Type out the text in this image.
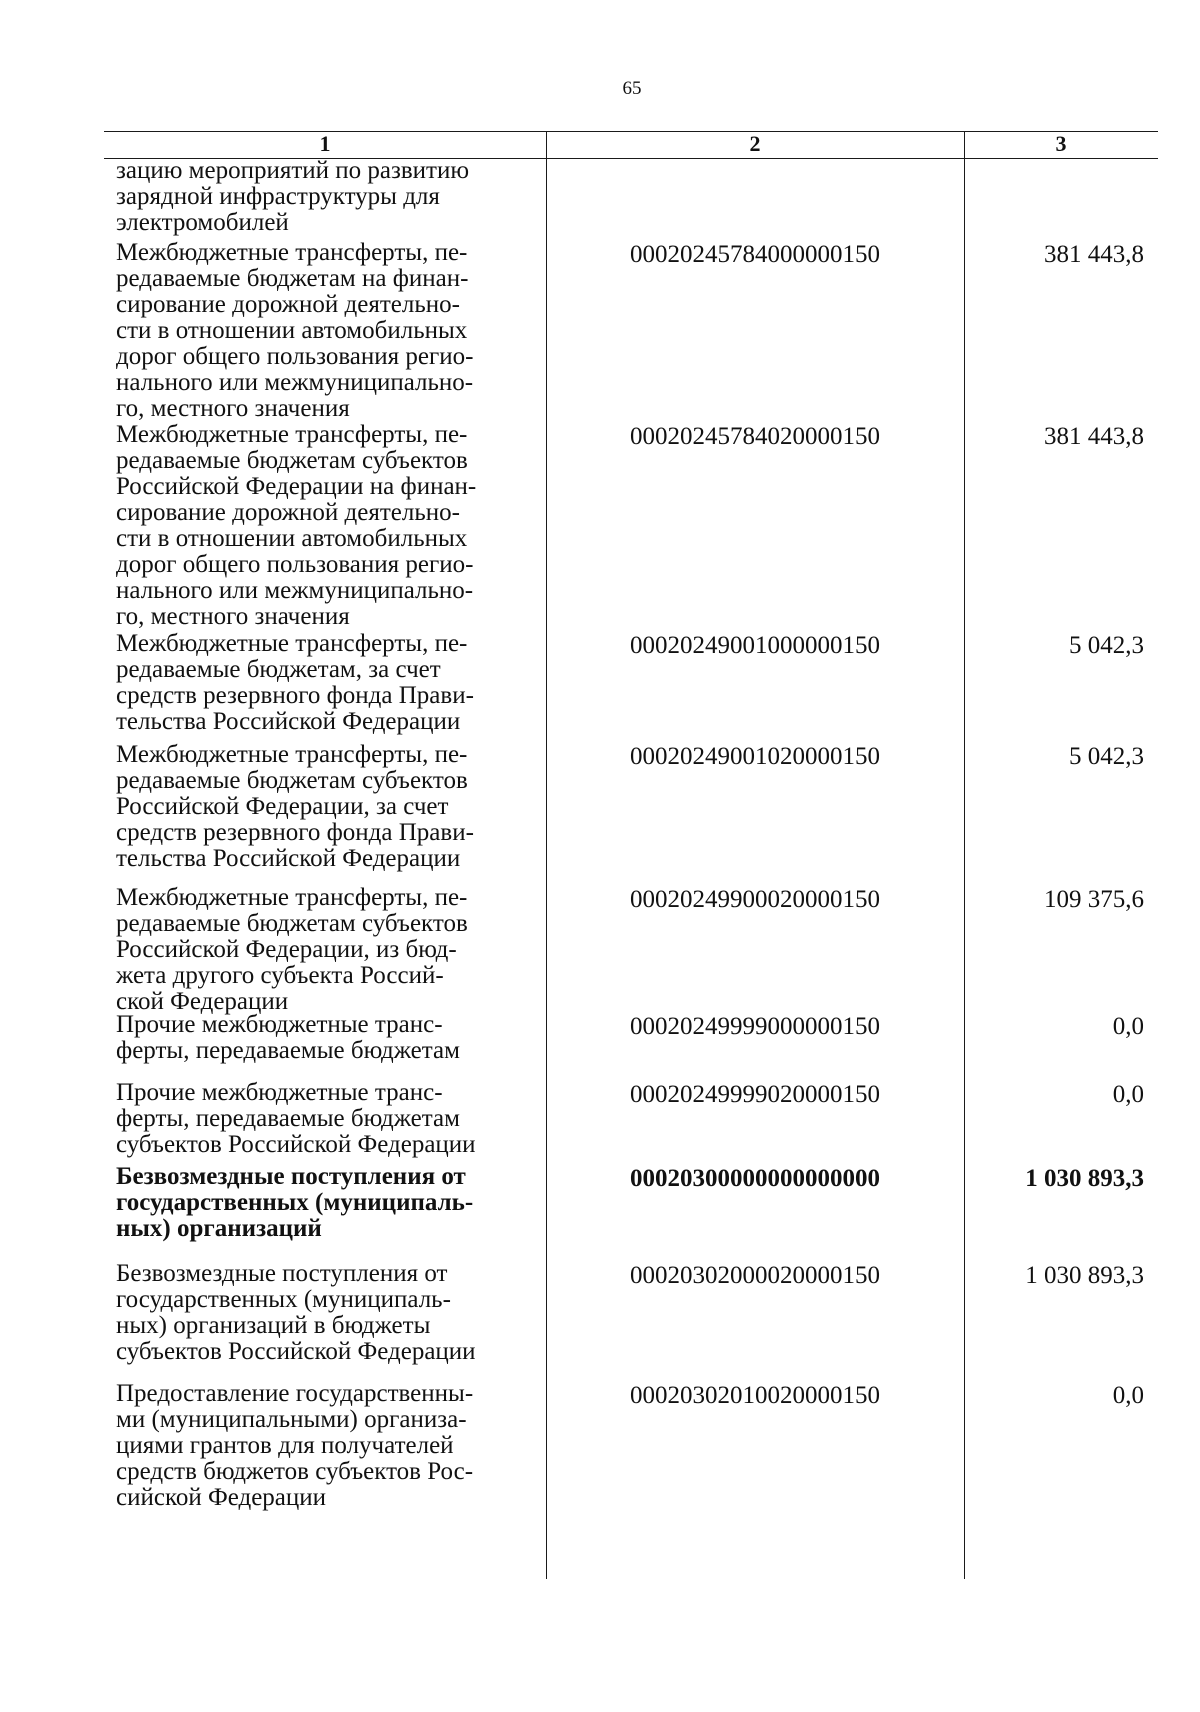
65
1	2	3
зацию мероприятий по развитию
зарядной инфраструктуры для
электромобилей
Межбюджетные трансферты, пе-
редаваемые бюджетам на финан-
сирование дорожной деятельно-
сти в отношении автомобильных
дорог общего пользования регио-
нального или межмуниципально-
го, местного значения
00020245784000000150	381 443,8
Межбюджетные трансферты, пе-
редаваемые бюджетам субъектов
Российской Федерации на финан-
сирование дорожной деятельно-
сти в отношении автомобильных
дорог общего пользования регио-
нального или межмуниципально-
го, местного значения
00020245784020000150	381 443,8
Межбюджетные трансферты, пе-
редаваемые бюджетам, за счет
средств резервного фонда Прави-
тельства Российской Федерации
00020249001000000150	5 042,3
Межбюджетные трансферты, пе-
редаваемые бюджетам субъектов
Российской Федерации, за счет
средств резервного фонда Прави-
тельства Российской Федерации
00020249001020000150	5 042,3
Межбюджетные трансферты, пе-
редаваемые бюджетам субъектов
Российской Федерации, из бюд-
жета другого субъекта Россий-
ской Федерации
00020249900020000150	109 375,6
Прочие межбюджетные транс-
ферты, передаваемые бюджетам
00020249999000000150	0,0
Прочие межбюджетные транс-
ферты, передаваемые бюджетам
субъектов Российской Федерации
00020249999020000150	0,0
Безвозмездные поступления от
государственных (муниципаль-
ных) организаций
00020300000000000000	1 030 893,3
Безвозмездные поступления от
государственных (муниципаль-
ных) организаций в бюджеты
субъектов Российской Федерации
00020302000020000150	1 030 893,3
Предоставление государственны-
ми (муниципальными) организа-
циями грантов для получателей
средств бюджетов субъектов Рос-
сийской Федерации
00020302010020000150	0,0
